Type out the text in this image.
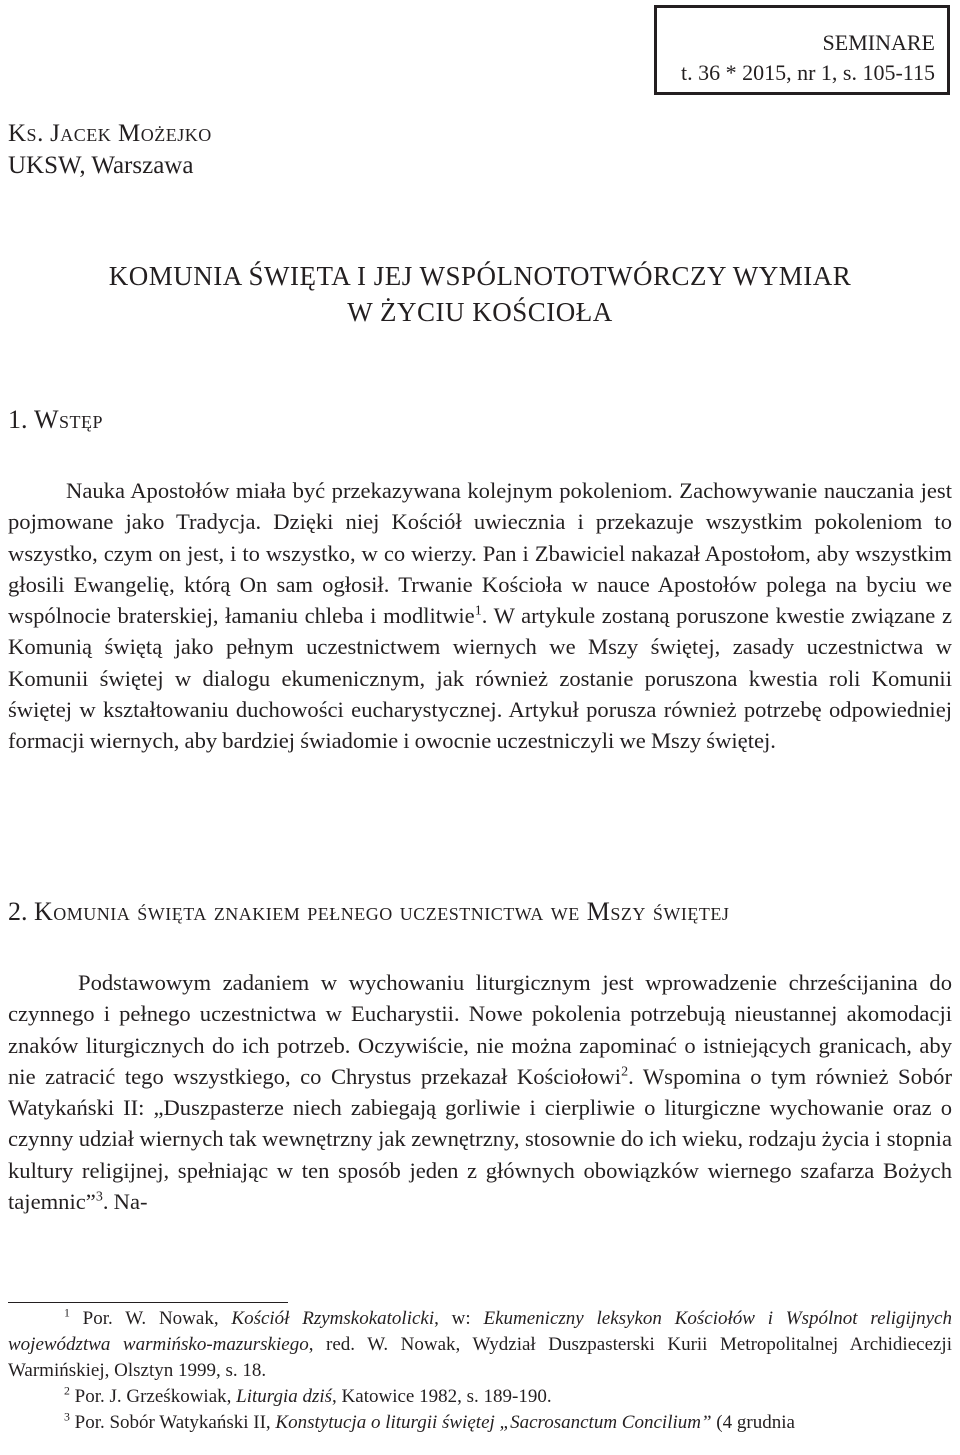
SEMINARE
t. 36 * 2015, nr 1, s. 105-115
Ks. Jacek Możejko
UKSW, Warszawa
KOMUNIA ŚWIĘTA I JEJ WSPÓLNOTOTWÓRCZY WYMIAR
W ŻYCIU KOŚCIOŁA
1. Wstęp

Nauka Apostołów miała być przekazywana kolejnym pokoleniom. Zachowywanie nauczania jest pojmowane jako Tradycja. Dzięki niej Kościół uwiecznia i przekazuje wszystkim pokoleniom to wszystko, czym on jest, i to wszystko, w co wierzy. Pan i Zbawiciel nakazał Apostołom, aby wszystkim głosili Ewangelię, którą On sam ogłosił. Trwanie Kościoła w nauce Apostołów polega na byciu we wspólnocie braterskiej, łamaniu chleba i modlitwie$^1$. W artykule zostaną poruszone kwestie związane z Komunią świętą jako pełnym uczestnictwem wiernych we Mszy świętej, zasady uczestnictwa w Komunii świętej w dialogu ekumenicznym, jak również zostanie poruszona kwestia roli Komunii świętej w kształtowaniu duchowości eucharystycznej. Artykuł porusza również potrzebę odpowiedniej formacji wiernych, aby bardziej świadomie i owocnie uczestniczyli we Mszy świętej.

2. Komunia święta znakiem pełnego uczestnictwa we Mszy świętej

Podstawowym zadaniem w wychowaniu liturgicznym jest wprowadzenie chrześcijanina do czynnego i pełnego uczestnictwa w Eucharystii. Nowe pokolenia potrzebują nieustannej akomodacji znaków liturgicznych do ich potrzeb. Oczywiście, nie można zapominać o istniejących granicach, aby nie zatracić tego wszystkiego, co Chrystus przekazał Kościołowi$^2$. Wspomina o tym również Sobór Watykański II: „Duszpasterze niech zabiegają gorliwie i cierpliwie o liturgiczne wychowanie oraz o czynny udział wiernych tak wewnętrzny jak zewnętrzny, stosownie do ich wieku, rodzaju życia i stopnia kultury religijnej, spełniając w ten sposób jeden z głównych obowiązków wiernego szafarza Bożych tajemnic”$^3$. Na-

$^1$ Por. W. Nowak, Kościół Rzymskokatolicki, w: Ekumeniczny leksykon Kościołów i Wspólnot religijnych województwa warmińsko-mazurskiego, red. W. Nowak, Wydział Duszpasterski Kurii Metropolitalnej Archidiecezji Warmińskiej, Olsztyn 1999, s. 18.

$^2$ Por. J. Grześkowiak, Liturgia dziś, Katowice 1982, s. 189-190.

$^3$ Por. Sobór Watykański II, Konstytucja o liturgii świętej „Sacrosanctum Concilium” (4 grudnia
